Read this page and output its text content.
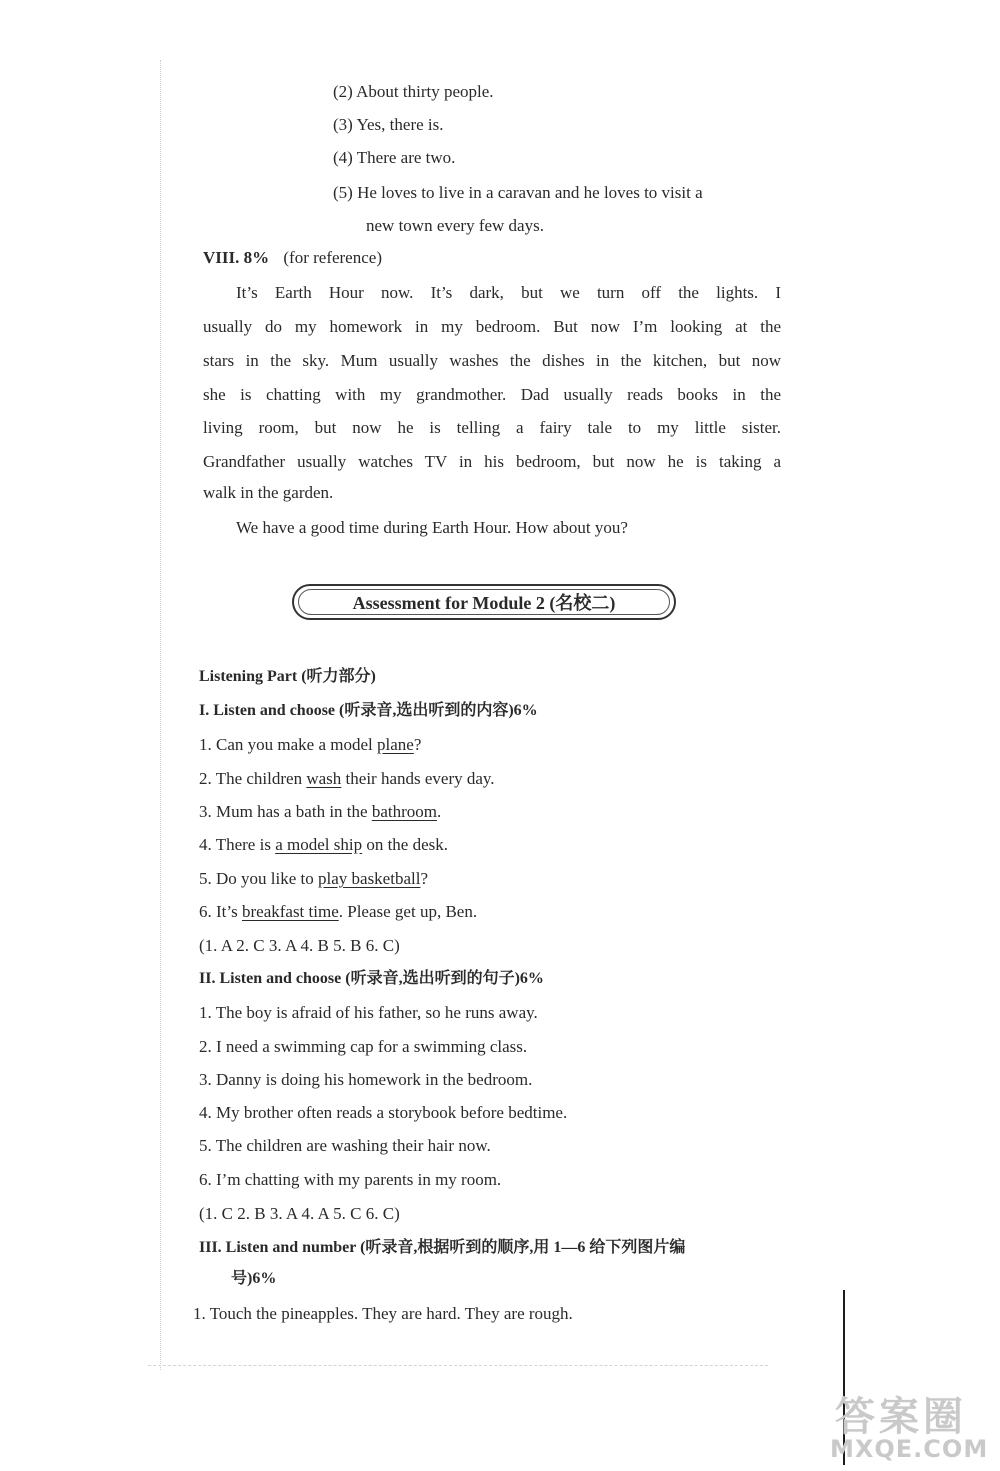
(2) About thirty people.
(3) Yes, there is.
(4) There are two.
(5) He loves to live in a caravan and he loves to visit a
new town every few days.
VIII. 8% (for reference)
It’s Earth Hour now. It’s dark, but we turn off the lights. I
usually do my homework in my bedroom. But now I’m looking at the
stars in the sky. Mum usually washes the dishes in the kitchen, but now
she is chatting with my grandmother. Dad usually reads books in the
living room, but now he is telling a fairy tale to my little sister.
Grandfather usually watches TV in his bedroom, but now he is taking a
walk in the garden.
We have a good time during Earth Hour. How about you?
Assessment for Module 2 (名校二)
Listening Part (听力部分)
I. Listen and choose (听录音,选出听到的内容)6%
1. Can you make a model plane?
2. The children wash their hands every day.
3. Mum has a bath in the bathroom.
4. There is a model ship on the desk.
5. Do you like to play basketball?
6. It’s breakfast time. Please get up, Ben.
(1. A 2. C 3. A 4. B 5. B 6. C)
II. Listen and choose (听录音,选出听到的句子)6%
1. The boy is afraid of his father, so he runs away.
2. I need a swimming cap for a swimming class.
3. Danny is doing his homework in the bedroom.
4. My brother often reads a storybook before bedtime.
5. The children are washing their hair now.
6. I’m chatting with my parents in my room.
(1. C 2. B 3. A 4. A 5. C 6. C)
III. Listen and number (听录音,根据听到的顺序,用 1—6 给下列图片编
号)6%
1. Touch the pineapples. They are hard. They are rough.
答案圈
MXQE.COM
